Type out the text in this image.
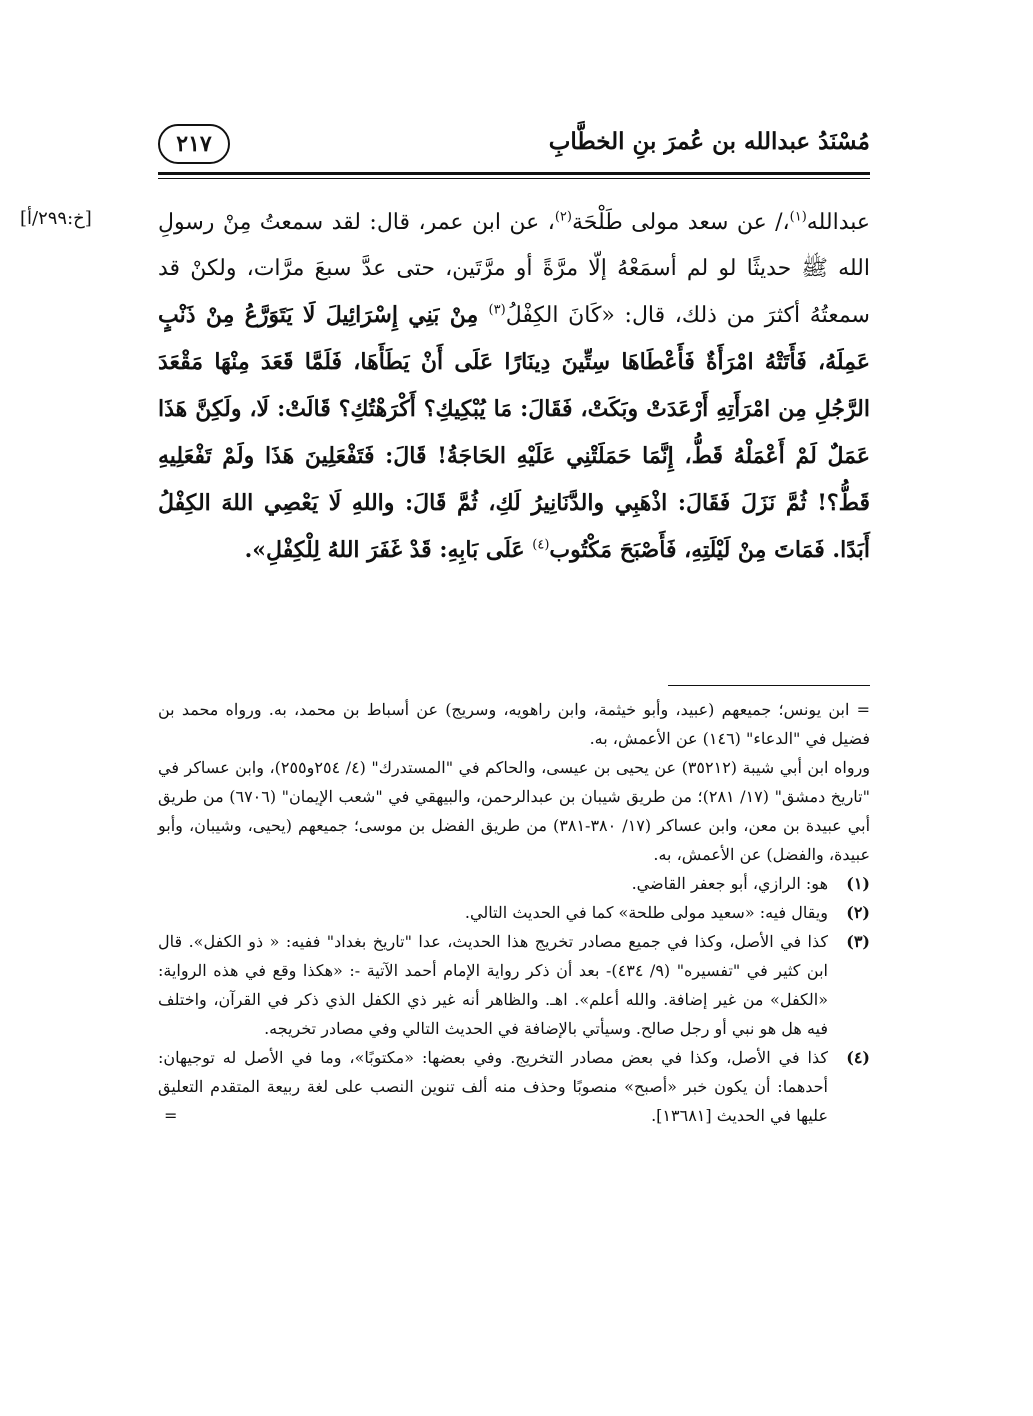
مُسْنَدُ عبدالله بن عُمرَ بنِ الخطَّابِ
٢١٧
[خ:٢٩٩/أ]	عبدالله$^{(١)}$،/ عن سعد مولى طَلْحَة$^{(٢)}$، عن ابن عمر، قال: لقد سمعتُ مِنْ رسولِ الله ﷺ حديثًا لو لم أسمَعْهُ إلّا مرَّةً أو مرَّتَين، حتى عدَّ سبعَ مرَّات، ولكنْ قد سمعتُهُ أكثرَ من ذلك، قال: «كَانَ الكِفْلُ$^{(٣)}$ مِنْ بَنِي إِسْرَائِيلَ لَا يَتَوَرَّعُ مِنْ ذَنْبٍ عَمِلَهُ، فَأَتَتْهُ امْرَأَةٌ فَأَعْطَاهَا سِتِّينَ دِينَارًا عَلَى أَنْ يَطَأَهَا، فَلَمَّا قَعَدَ مِنْهَا مَقْعَدَ الرَّجُلِ مِن امْرَأَتِهِ أَرْعَدَتْ وبَكَتْ، فَقَالَ: مَا يُبْكِيكِ؟ أَكْرَهْتُكِ؟ قَالَتْ: لَا، ولَكِنَّ هَذَا عَمَلٌ لَمْ أَعْمَلْهُ قَطُّ، إِنَّمَا حَمَلَتْنِي عَلَيْهِ الحَاجَةُ! قَالَ: فَتَفْعَلِينَ هَذَا ولَمْ تَفْعَلِيهِ قَطُّ؟! ثُمَّ نَزَلَ فَقَالَ: اذْهَبِي والدَّنَانِيرُ لَكِ، ثُمَّ قَالَ: واللهِ لَا يَعْصِي اللهَ الكِفْلُ أَبَدًا. فَمَاتَ مِنْ لَيْلَتِهِ، فَأَصْبَحَ مَكْتُوب$^{(٤)}$ عَلَى بَابِهِ: قَدْ غَفَرَ اللهُ لِلْكِفْلِ».

= ابن يونس؛ جميعهم (عبيد، وأبو خيثمة، وابن راهويه، وسريج) عن أسباط بن محمد، به. ورواه محمد بن فضيل في "الدعاء" (١٤٦) عن الأعمش، به.

ورواه ابن أبي شيبة (٣٥٢١٢) عن يحيى بن عيسى، والحاكم في "المستدرك" (٤/ ٢٥٤و٢٥٥)، وابن عساكر في "تاريخ دمشق" (١٧/ ٢٨١)؛ من طريق شيبان بن عبدالرحمن، والبيهقي في "شعب الإيمان" (٦٧٠٦) من طريق أبي عبيدة بن معن، وابن عساكر (١٧/ ٣٨٠-٣٨١) من طريق الفضل بن موسى؛ جميعهم (يحيى، وشيبان، وأبو عبيدة، والفضل) عن الأعمش، به.

(١)
هو: الرازي، أبو جعفر القاضي.
(٢)
ويقال فيه: «سعيد مولى طلحة» كما في الحديث التالي.
(٣)
كذا في الأصل، وكذا في جميع مصادر تخريج هذا الحديث، عدا "تاريخ بغداد" ففيه: « ذو الكفل». قال ابن كثير في "تفسيره" (٩/ ٤٣٤)- بعد أن ذكر رواية الإمام أحمد الآتية -: «هكذا وقع في هذه الرواية: «الكفل» من غير إضافة. والله أعلم». اهـ. والظاهر أنه غير ذي الكفل الذي ذكر في القرآن، واختلف فيه هل هو نبي أو رجل صالح. وسيأتي بالإضافة في الحديث التالي وفي مصادر تخريجه.
(٤)
كذا في الأصل، وكذا في بعض مصادر التخريج. وفي بعضها: «مكتوبًا»، وما في الأصل له توجيهان: أحدهما: أن يكون خبر «أصبح» منصوبًا وحذف منه ألف تنوين النصب على لغة ربيعة المتقدم التعليق عليها في الحديث [١٣٦٨١].
=
